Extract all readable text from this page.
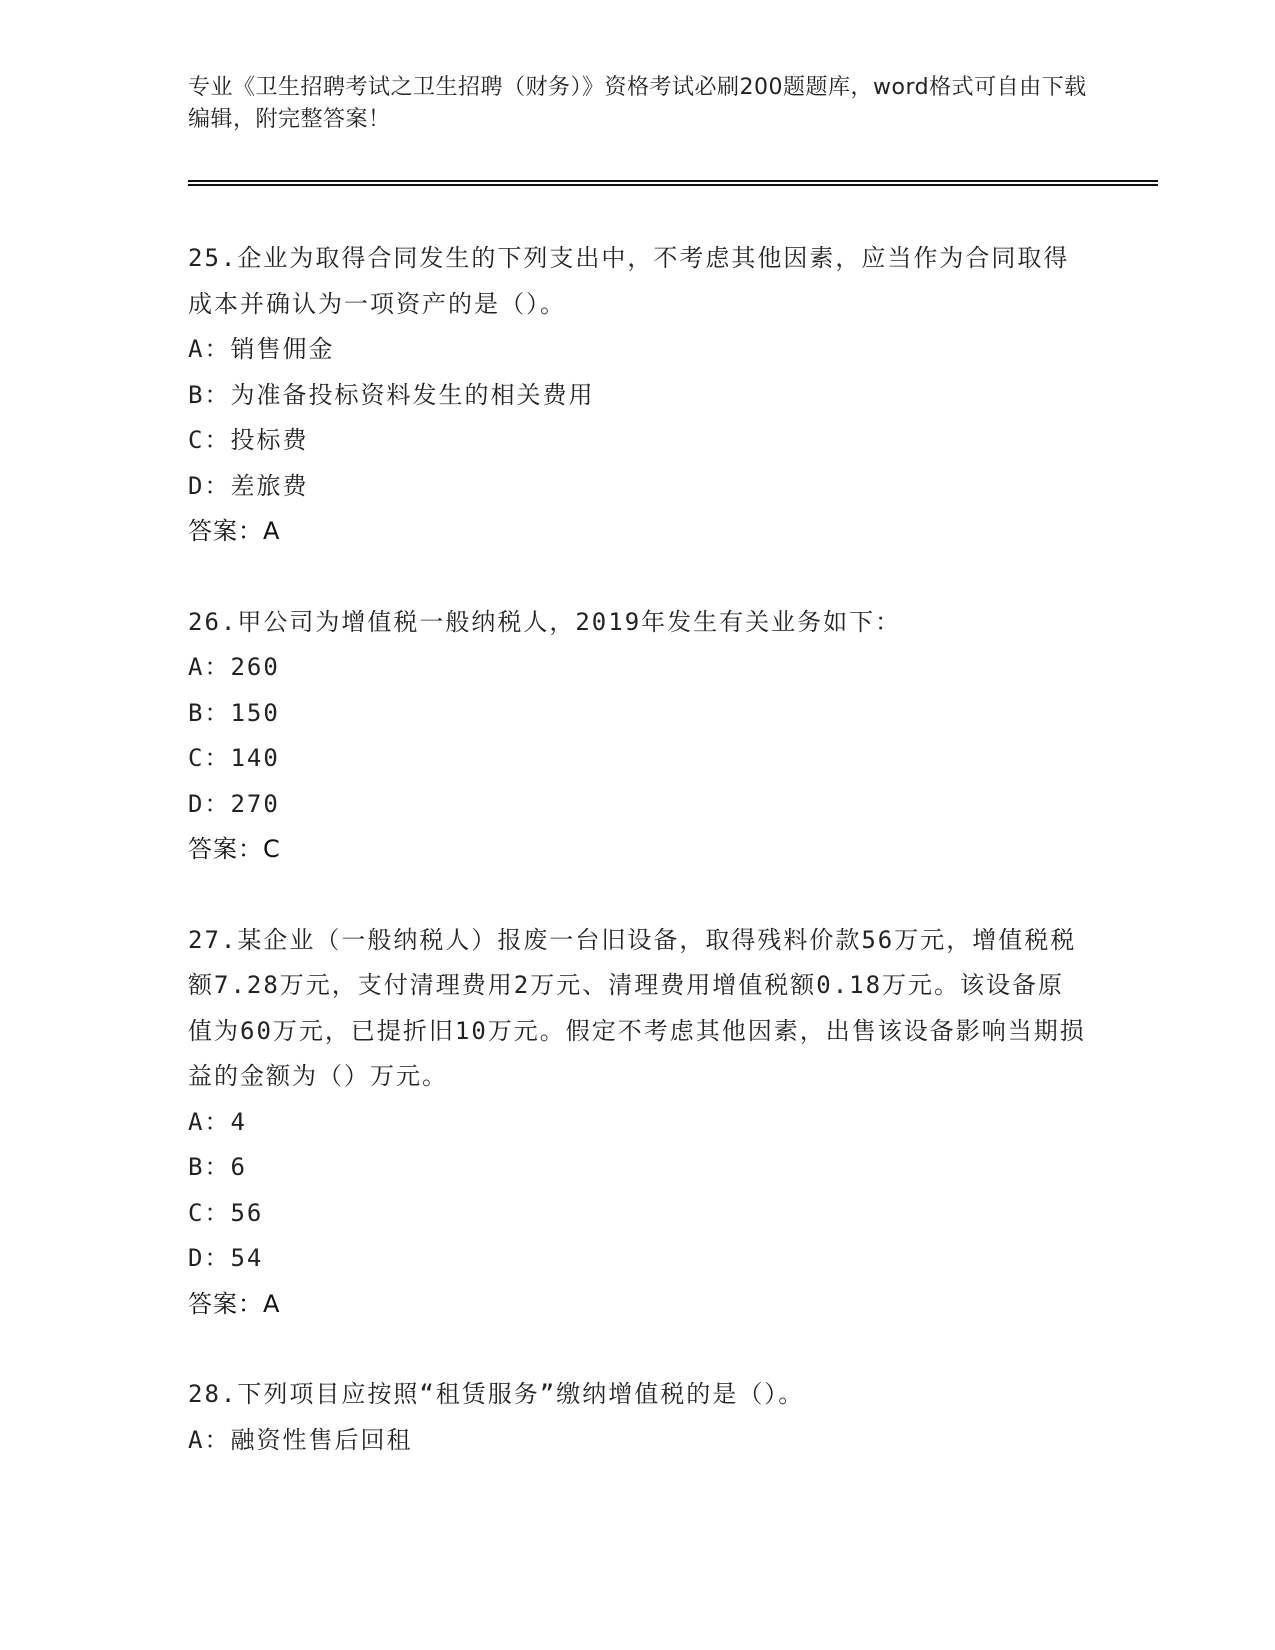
专业《卫生招聘考试之卫生招聘（财务）》资格考试必刷200题题库，word格式可自由下载编辑，附完整答案！

25.企业为取得合同发生的下列支出中，不考虑其他因素，应当作为合同取得成本并确认为一项资产的是（）。

A：销售佣金

B：为准备投标资料发生的相关费用

C：投标费

D：差旅费

答案：A

26.甲公司为增值税一般纳税人，2019年发生有关业务如下：

A：260

B：150

C：140

D：270

答案：C

27.某企业（一般纳税人）报废一台旧设备，取得残料价款56万元，增值税税额7.28万元，支付清理费用2万元、清理费用增值税额0.18万元。该设备原值为60万元，已提折旧10万元。假定不考虑其他因素，出售该设备影响当期损益的金额为（）万元。

A：4

B：6

C：56

D：54

答案：A

28.下列项目应按照“租赁服务”缴纳增值税的是（）。

A：融资性售后回租
